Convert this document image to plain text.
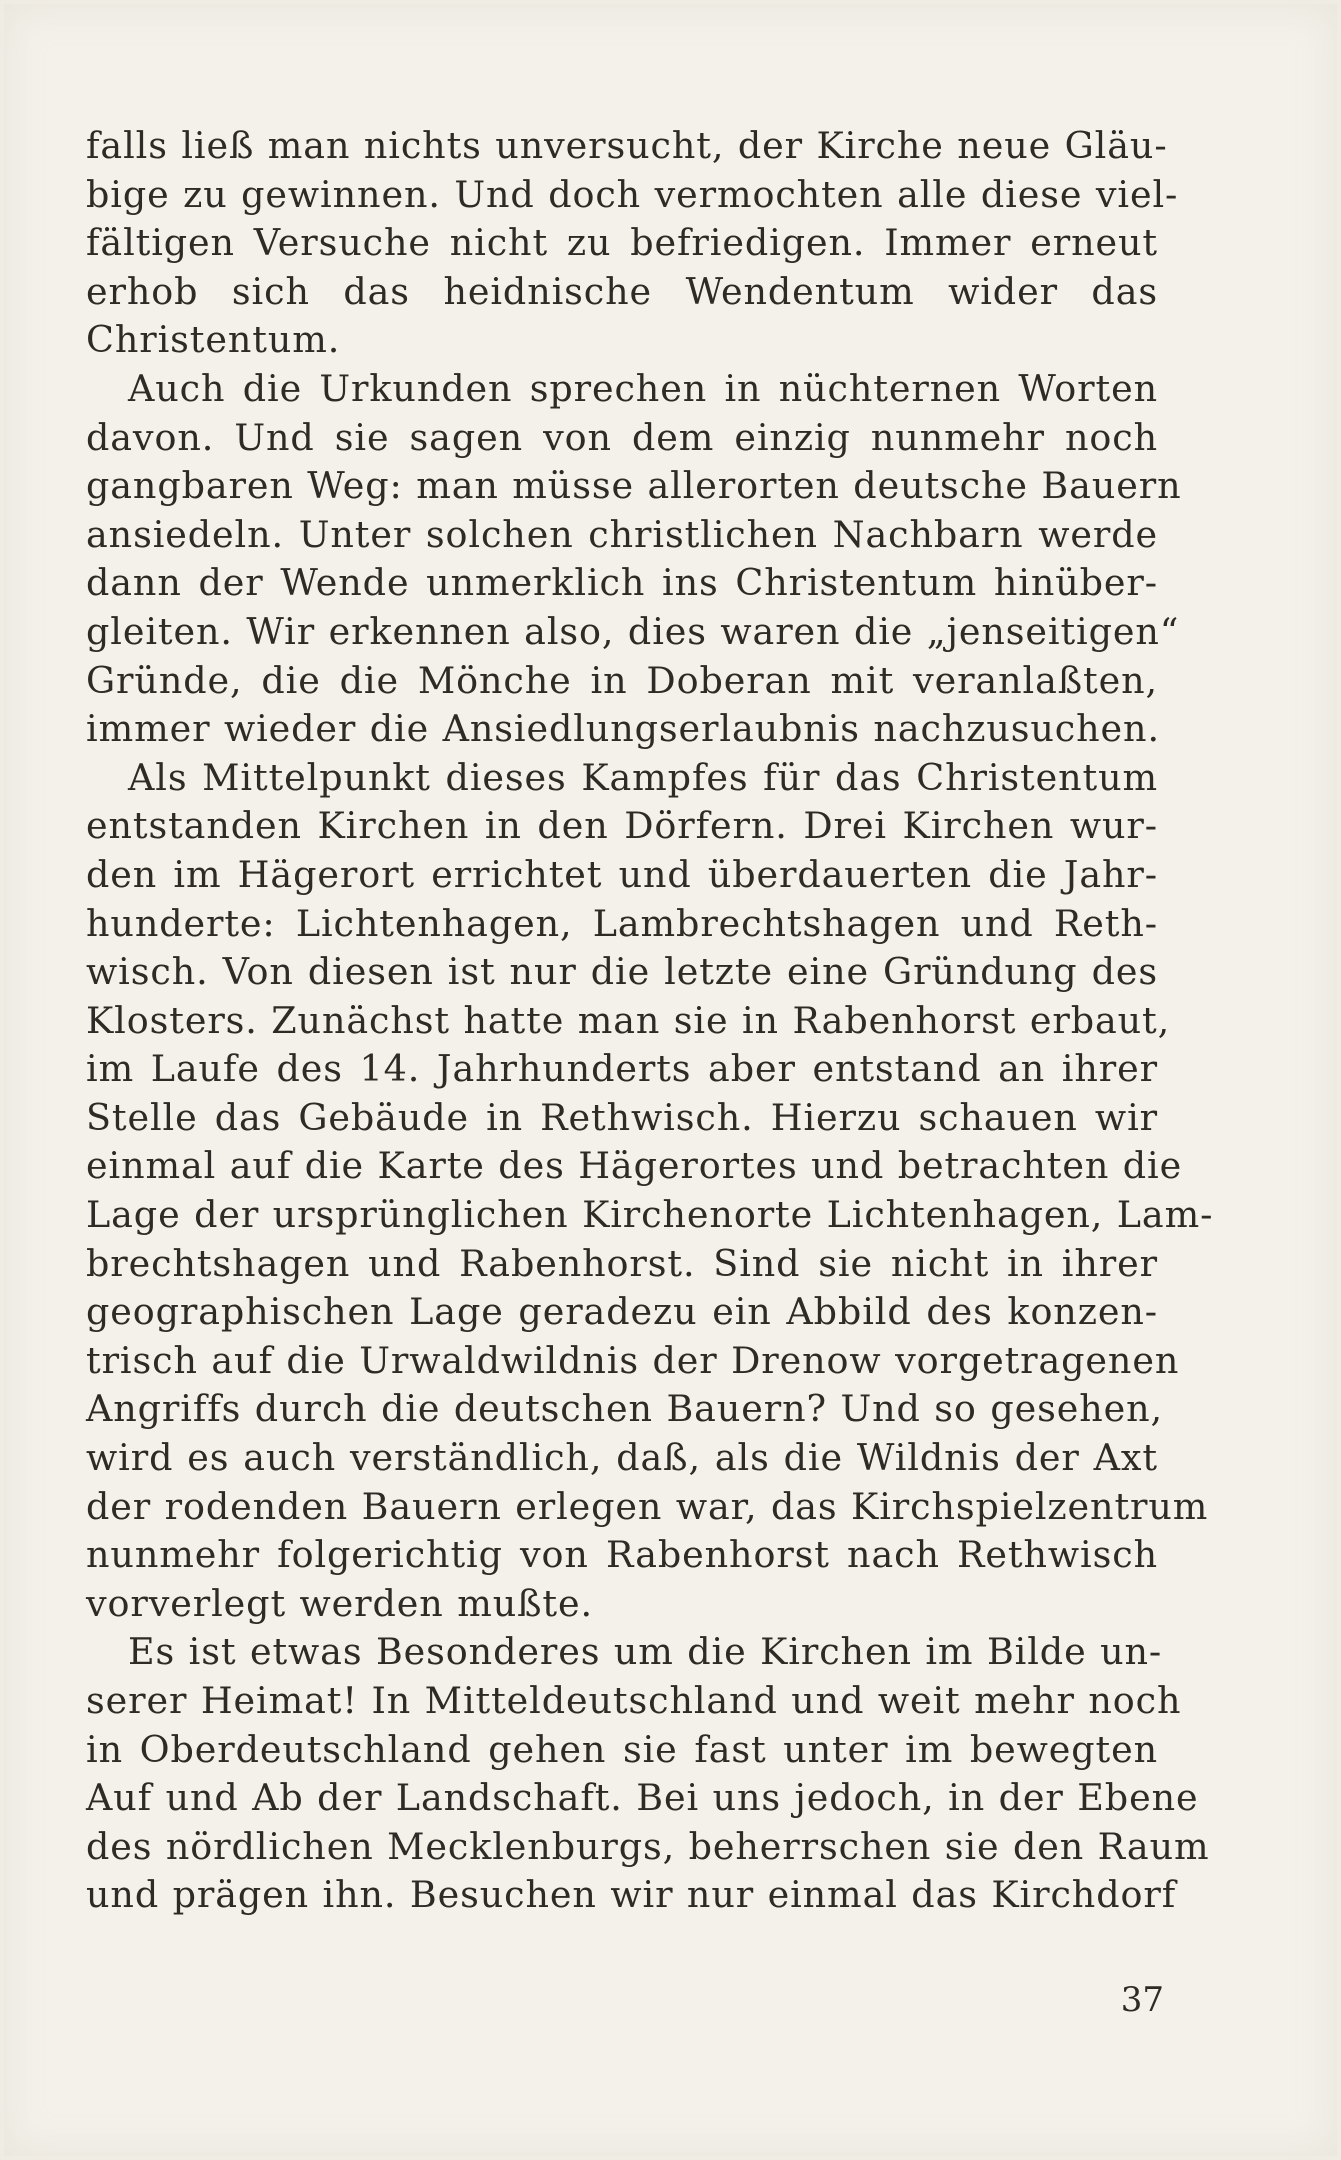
falls ließ man nichts unversucht, der Kirche neue Gläu-
bige zu gewinnen. Und doch vermochten alle diese viel-
fältigen Versuche nicht zu befriedigen. Immer erneut
erhob sich das heidnische Wendentum wider das
Christentum.
Auch die Urkunden sprechen in nüchternen Worten
davon. Und sie sagen von dem einzig nunmehr noch
gangbaren Weg: man müsse allerorten deutsche Bauern
ansiedeln. Unter solchen christlichen Nachbarn werde
dann der Wende unmerklich ins Christentum hinüber-
gleiten. Wir erkennen also, dies waren die „jenseitigen“
Gründe, die die Mönche in Doberan mit veranlaßten,
immer wieder die Ansiedlungserlaubnis nachzusuchen.
Als Mittelpunkt dieses Kampfes für das Christentum
entstanden Kirchen in den Dörfern. Drei Kirchen wur-
den im Hägerort errichtet und überdauerten die Jahr-
hunderte: Lichtenhagen, Lambrechtshagen und Reth-
wisch. Von diesen ist nur die letzte eine Gründung des
Klosters. Zunächst hatte man sie in Rabenhorst erbaut,
im Laufe des 14. Jahrhunderts aber entstand an ihrer
Stelle das Gebäude in Rethwisch. Hierzu schauen wir
einmal auf die Karte des Hägerortes und betrachten die
Lage der ursprünglichen Kirchenorte Lichtenhagen, Lam-
brechtshagen und Rabenhorst. Sind sie nicht in ihrer
geographischen Lage geradezu ein Abbild des konzen-
trisch auf die Urwaldwildnis der Drenow vorgetragenen
Angriffs durch die deutschen Bauern? Und so gesehen,
wird es auch verständlich, daß, als die Wildnis der Axt
der rodenden Bauern erlegen war, das Kirchspielzentrum
nunmehr folgerichtig von Rabenhorst nach Rethwisch
vorverlegt werden mußte.
Es ist etwas Besonderes um die Kirchen im Bilde un-
serer Heimat! In Mitteldeutschland und weit mehr noch
in Oberdeutschland gehen sie fast unter im bewegten
Auf und Ab der Landschaft. Bei uns jedoch, in der Ebene
des nördlichen Mecklenburgs, beherrschen sie den Raum
und prägen ihn. Besuchen wir nur einmal das Kirchdorf
37
